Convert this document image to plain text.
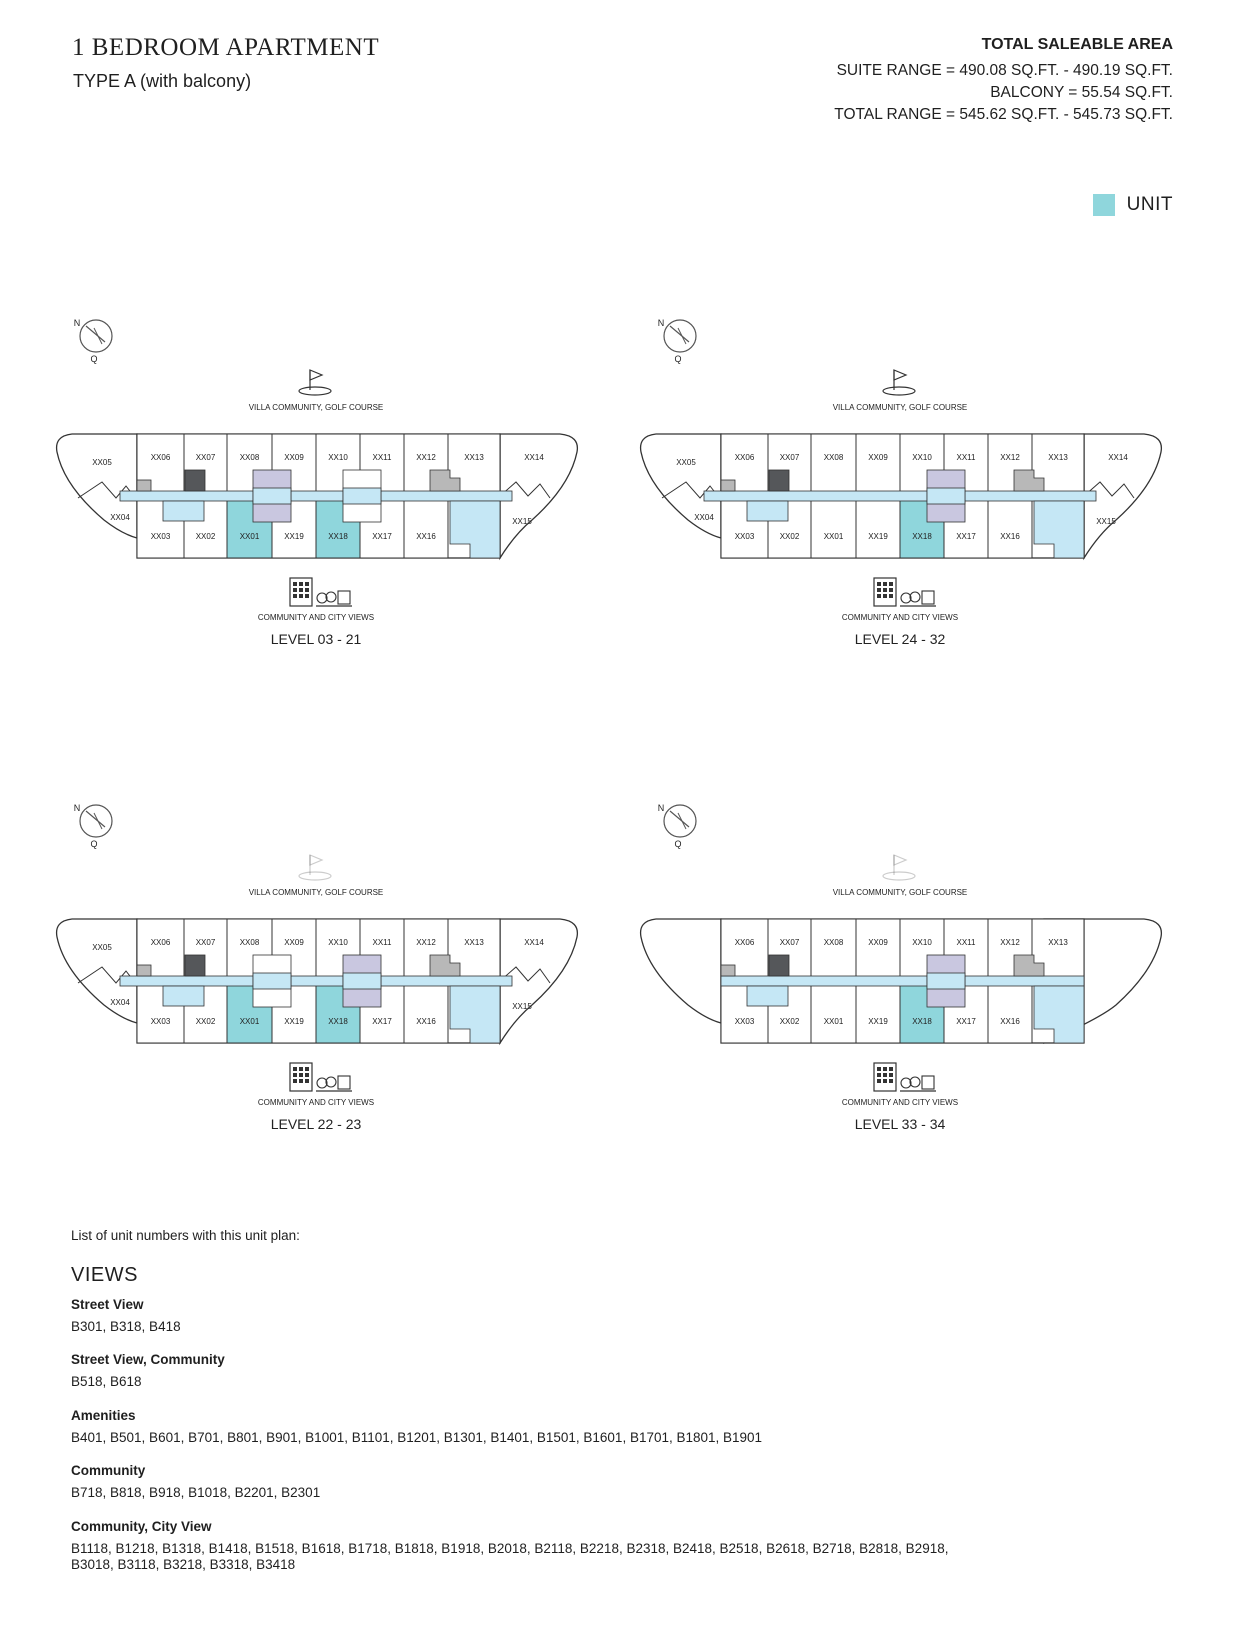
1 BEDROOM APARTMENT
TYPE A (with balcony)
TOTAL SALEABLE AREA
SUITE RANGE = 490.08 SQ.FT. - 490.19 SQ.FT.
BALCONY = 55.54 SQ.FT.
TOTAL RANGE = 545.62 SQ.FT. - 545.73 SQ.FT.
UNIT
N
Q
VILLA COMMUNITY, GOLF COURSE
XX06	XX07	XX08	XX09	XX10	XX11	XX12	XX13
XX03	XX02	XX01	XX19	XX18	XX17	XX16
XX05
XX04
XX14
XX15
COMMUNITY AND CITY VIEWS
LEVEL 03 - 21
N
Q
VILLA COMMUNITY, GOLF COURSE
XX06	XX07	XX08	XX09	XX10	XX11	XX12	XX13
XX03	XX02	XX01	XX19	XX18	XX17	XX16
XX05
XX04
XX14
XX15
COMMUNITY AND CITY VIEWS
LEVEL 24 - 32
N
Q
VILLA COMMUNITY, GOLF COURSE
XX06	XX07	XX08	XX09	XX10	XX11	XX12	XX13
XX03	XX02	XX01	XX19	XX18	XX17	XX16
XX05
XX04
XX14
XX15
COMMUNITY AND CITY VIEWS
LEVEL 22 - 23
N
Q
VILLA COMMUNITY, GOLF COURSE
XX06	XX07	XX08	XX09	XX10	XX11	XX12	XX13
XX03	XX02	XX01	XX19	XX18	XX17	XX16
COMMUNITY AND CITY VIEWS
LEVEL 33 - 34
List of unit numbers with this unit plan:
VIEWS
Street View
B301, B318, B418
Street View, Community
B518, B618
Amenities
B401, B501, B601, B701, B801, B901, B1001, B1101, B1201, B1301, B1401, B1501, B1601, B1701, B1801, B1901
Community
B718, B818, B918, B1018, B2201, B2301
Community, City View
B1118, B1218, B1318, B1418, B1518, B1618, B1718, B1818, B1918, B2018, B2118, B2218, B2318, B2418, B2518, B2618, B2718, B2818, B2918, B3018, B3118, B3218, B3318, B3418
